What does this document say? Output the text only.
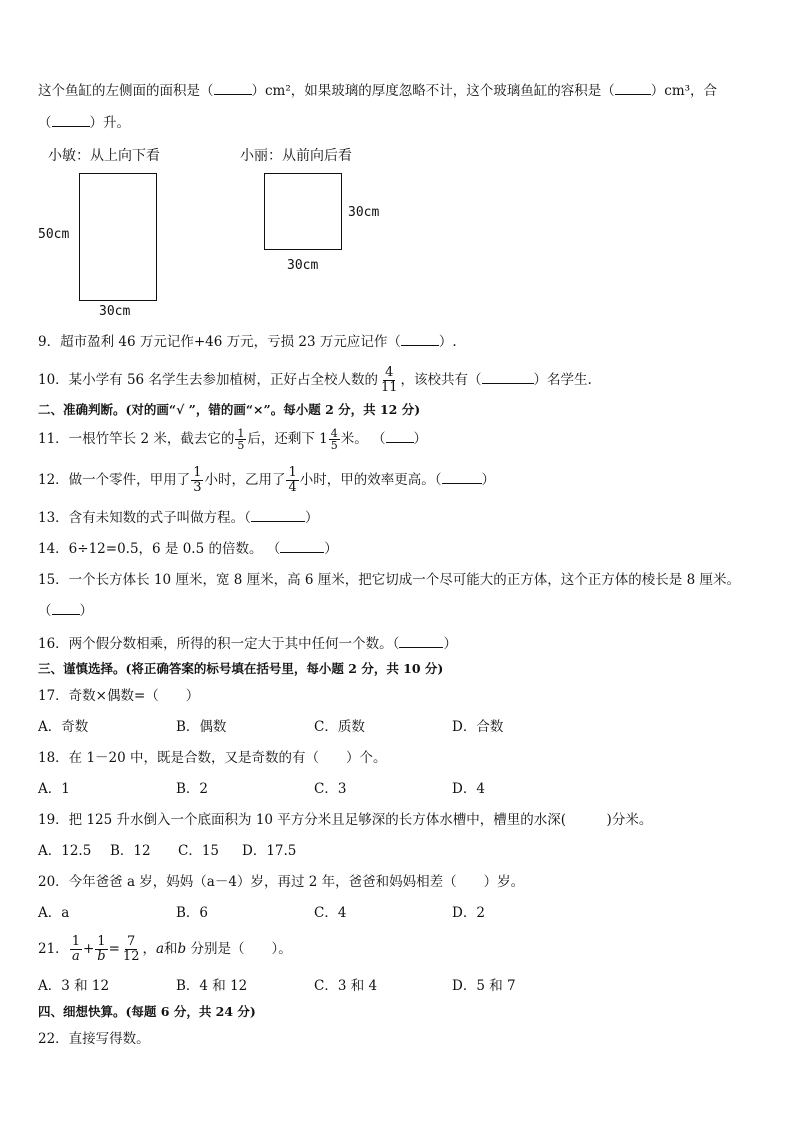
这个鱼缸的左侧面的面积是（	）cm²，如果玻璃的厚度忽略不计，这个玻璃鱼缸的容积是（	）cm³，合
（	）升。
小敏：从上向下看	小丽：从前向后看
50cm
30cm
30cm
30cm
9．超市盈利 46 万元记作+46 万元，亏损 23 万元应记作（	）.
10．某小学有 56 名学生去参加植树，正好占全校人数的 $\frac{4}{11}$ ，该校共有（	）名学生.
二、准确判断。(对的画“√ ”，错的画“×”。每小题 2 分，共 12 分)
11．一根竹竿长 2 米，截去它的 $\frac{1}{5}$ 后，还剩下 $1 \frac{4}{5}$ 米。 （ ）
12．做一个零件，甲用了 $\frac{1}{3}$ 小时，乙用了 $\frac{1}{4}$ 小时，甲的效率更高。（	）
13．含有未知数的式子叫做方程。（	）
14．6÷12=0.5，6 是 0.5 的倍数。 （	）
15．一个长方体长 10 厘米，宽 8 厘米，高 6 厘米，把它切成一个尽可能大的正方体，这个正方体的棱长是 8 厘米。
（ ）
16．两个假分数相乘，所得的积一定大于其中任何一个数。（	）
三、谨慎选择。(将正确答案的标号填在括号里，每小题 2 分，共 10 分)
17．奇数×偶数=（　　）
A．奇数	B．偶数	C．质数	D．合数
18．在 1－20 中，既是合数，又是奇数的有（　　）个。
A．1	B．2	C．3	D．4
19．把 125 升水倒入一个底面积为 10 平方分米且足够深的长方体水槽中，槽里的水深(　　　)分米。
A．12.5 B．12 C．15 D．17.5
20．今年爸爸 a 岁，妈妈（a－4）岁，再过 2 年，爸爸和妈妈相差（　　）岁。
A．a	B．6	C．4	D．2
21． $\frac{1}{a} + \frac{1}{b} = \frac{7}{12}$ ，a和b 分别是（　　）。
A．3 和 12	B．4 和 12	C．3 和 4	D．5 和 7
四、细想快算。(每题 6 分，共 24 分)
22．直接写得数。
